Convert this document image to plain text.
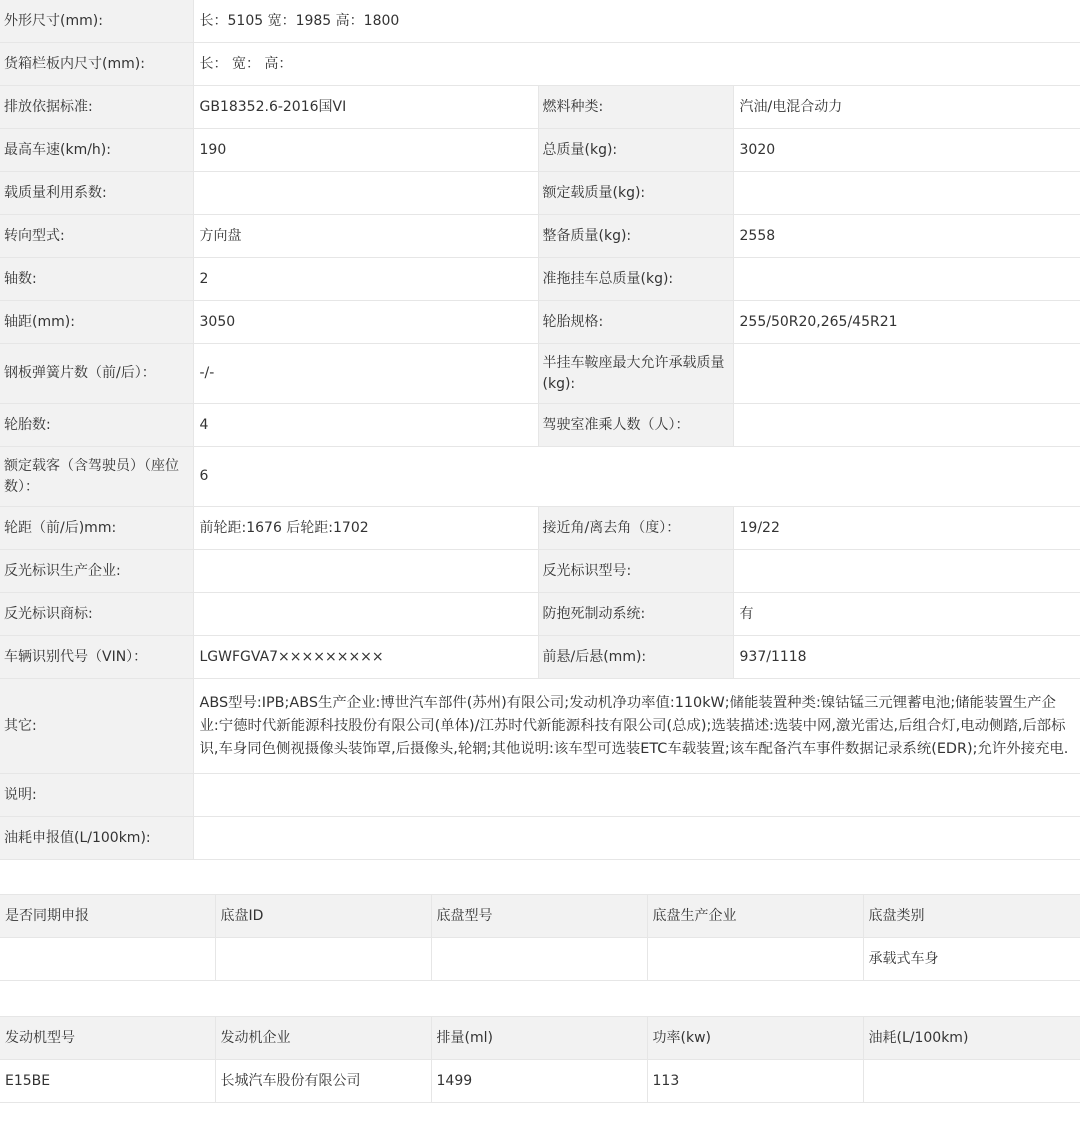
外形尺寸(mm):	长：5105 宽：1985 高：1800		
货箱栏板内尺寸(mm):	长： 宽： 高：		
排放依据标准:	GB18352.6-2016国VI	燃料种类:	汽油/电混合动力
最高车速(km/h):	190	总质量(kg):	3020
载质量利用系数:		额定载质量(kg):	
转向型式:	方向盘	整备质量(kg):	2558
轴数:	2	准拖挂车总质量(kg):	
轴距(mm):	3050	轮胎规格:	255/50R20,265/45R21
钢板弹簧片数（前/后）：	-/-	半挂车鞍座最大允许承载质量(kg):	
轮胎数:	4	驾驶室准乘人数（人）：	
额定载客（含驾驶员）（座位数）：	6		
轮距（前/后)mm:	前轮距:1676 后轮距:1702	接近角/离去角（度）：	19/22
反光标识生产企业:		反光标识型号:	
反光标识商标:		防抱死制动系统:	有
车辆识别代号（VIN）：	LGWFGVA7×××××××××	前悬/后悬(mm):	937/1118
其它:	ABS型号:IPB;ABS生产企业:博世汽车部件(苏州)有限公司;发动机净功率值:110kW;储能装置种类:镍钴锰三元锂蓄电池;储能装置生产企业:宁德时代新能源科技股份有限公司(单体)/江苏时代新能源科技有限公司(总成);选装描述:选装中网,激光雷达,后组合灯,电动侧踏,后部标识,车身同色侧视摄像头装饰罩,后摄像头,轮辋;其他说明:该车型可选装ETC车载装置;该车配备汽车事件数据记录系统(EDR);允许外接充电.		
说明:			
油耗申报值(L/100km):			
是否同期申报	底盘ID	底盘型号	底盘生产企业	底盘类别
				承载式车身
发动机型号	发动机企业	排量(ml)	功率(kw)	油耗(L/100km)
E15BE	长城汽车股份有限公司	1499	113	
